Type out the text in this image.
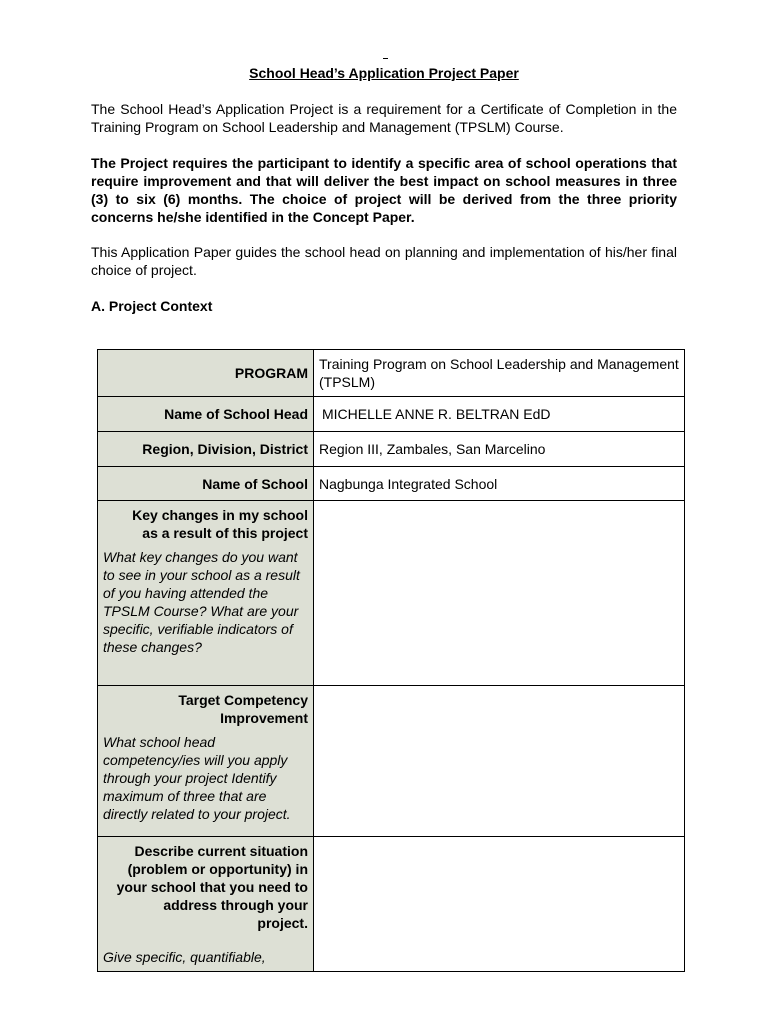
School Head’s Application Project Paper

The School Head’s Application Project is a requirement for a Certificate of Completion in the Training Program on School Leadership and Management (TPSLM) Course.

The Project requires the participant to identify a specific area of school operations that require improvement and that will deliver the best impact on school measures in three (3) to six (6) months. The choice of project will be derived from the three priority concerns he/she identified in the Concept Paper.

This Application Paper guides the school head on planning and implementation of his/her final choice of project.

A. Project Context
PROGRAM	Training Program on School Leadership and Management (TPSLM)

Name of School Head	MICHELLE ANNE R. BELTRAN EdD

Region, Division, District	Region III, Zambales, San Marcelino

Name of School	Nagbunga Integrated School

Key changes in my school as a result of this project
What key changes do you want to see in your school as a result of you having attended the TPSLM Course? What are your specific, verifiable indicators of these changes?	

Target Competency Improvement
What school head competency/ies will you apply through your project Identify maximum of three that are directly related to your project.	

Describe current situation (problem or opportunity) in your school that you need to address through your project.
Give specific, quantifiable,	
